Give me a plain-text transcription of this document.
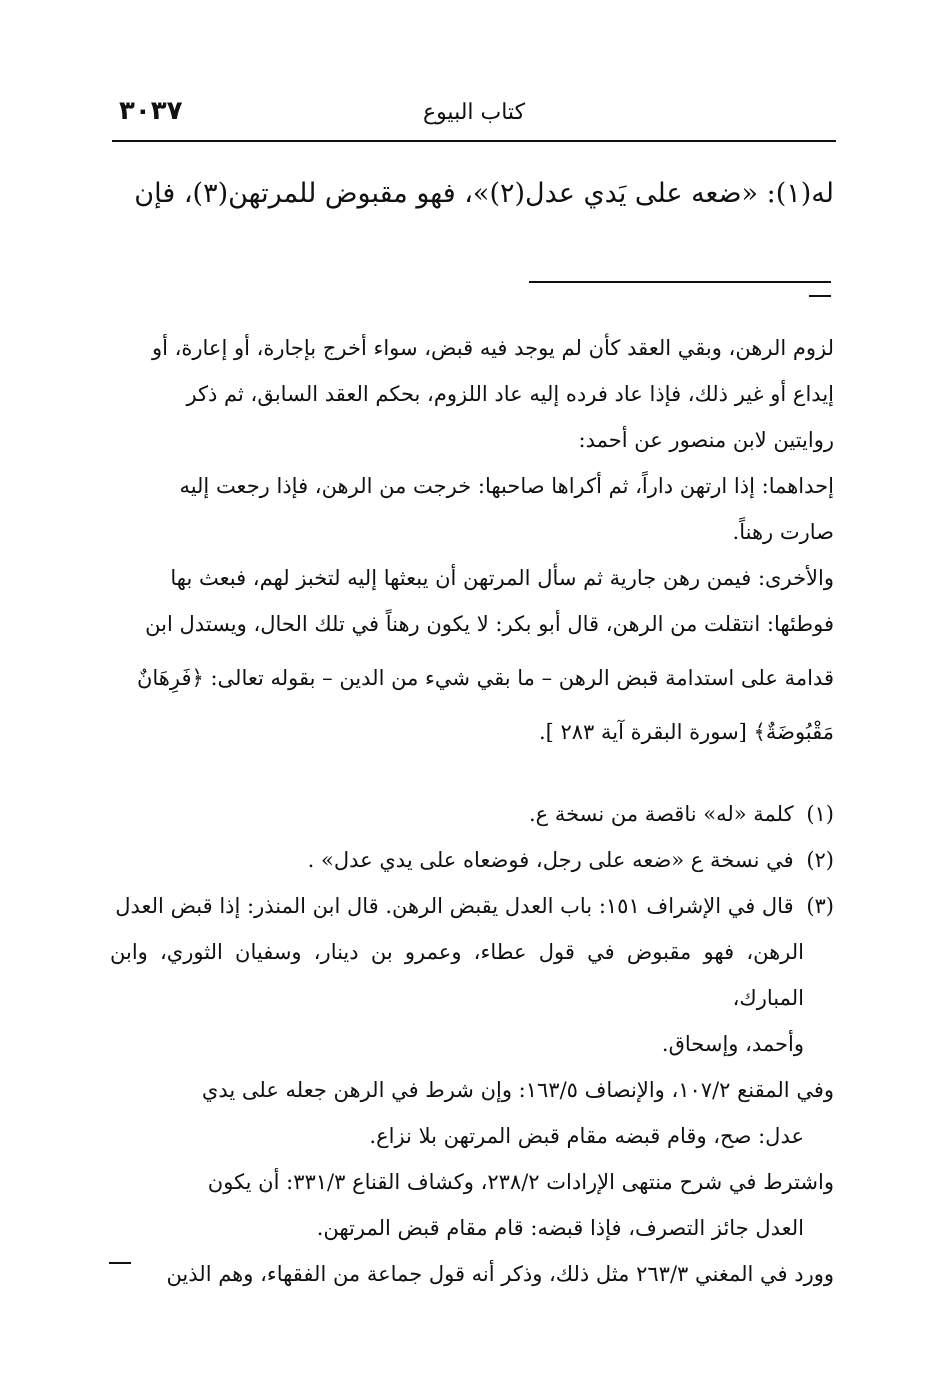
٣٠٣٧	كتاب البيوع
له(١): «ضعه على يَدي عدل(٢)»، فهو مقبوض للمرتهن(٣)، فإن

لزوم الرهن، وبقي العقد كأن لم يوجد فيه قبض، سواء أخرج بإجارة، أو إعارة، أو

إيداع أو غير ذلك، فإذا عاد فرده إليه عاد اللزوم، بحكم العقد السابق، ثم ذكر

روايتين لابن منصور عن أحمد:

إحداهما: إذا ارتهن داراً، ثم أكراها صاحبها: خرجت من الرهن، فإذا رجعت إليه

صارت رهناً.

والأخرى: فيمن رهن جارية ثم سأل المرتهن أن يبعثها إليه لتخبز لهم، فبعث بها

فوطئها: انتقلت من الرهن، قال أبو بكر: لا يكون رهناً في تلك الحال، ويستدل ابن

قدامة على استدامة قبض الرهن – ما بقي شيء من الدين – بقوله تعالى: ﴿فَرِهَانٌ

مَقْبُوضَةٌ﴾ [سورة البقرة آية ٢٨٣ ].

(١) كلمة «له» ناقصة من نسخة ع.

(٢) في نسخة ع «ضعه على رجل، فوضعاه على يدي عدل» .

(٣) قال في الإشراف ١٥١: باب العدل يقبض الرهن. قال ابن المنذر: إذا قبض العدل

الرهن، فهو مقبوض في قول عطاء، وعمرو بن دينار، وسفيان الثوري، وابن المبارك،

وأحمد، وإسحاق.

وفي المقنع ١٠٧/٢، والإنصاف ١٦٣/٥: وإن شرط في الرهن جعله على يدي

عدل: صح، وقام قبضه مقام قبض المرتهن بلا نزاع.

واشترط في شرح منتهى الإرادات ٢٣٨/٢، وكشاف القناع ٣٣١/٣: أن يكون

العدل جائز التصرف، فإذا قبضه: قام مقام قبض المرتهن.

وورد في المغني ٢٦٣/٣ مثل ذلك، وذكر أنه قول جماعة من الفقهاء، وهم الذين
